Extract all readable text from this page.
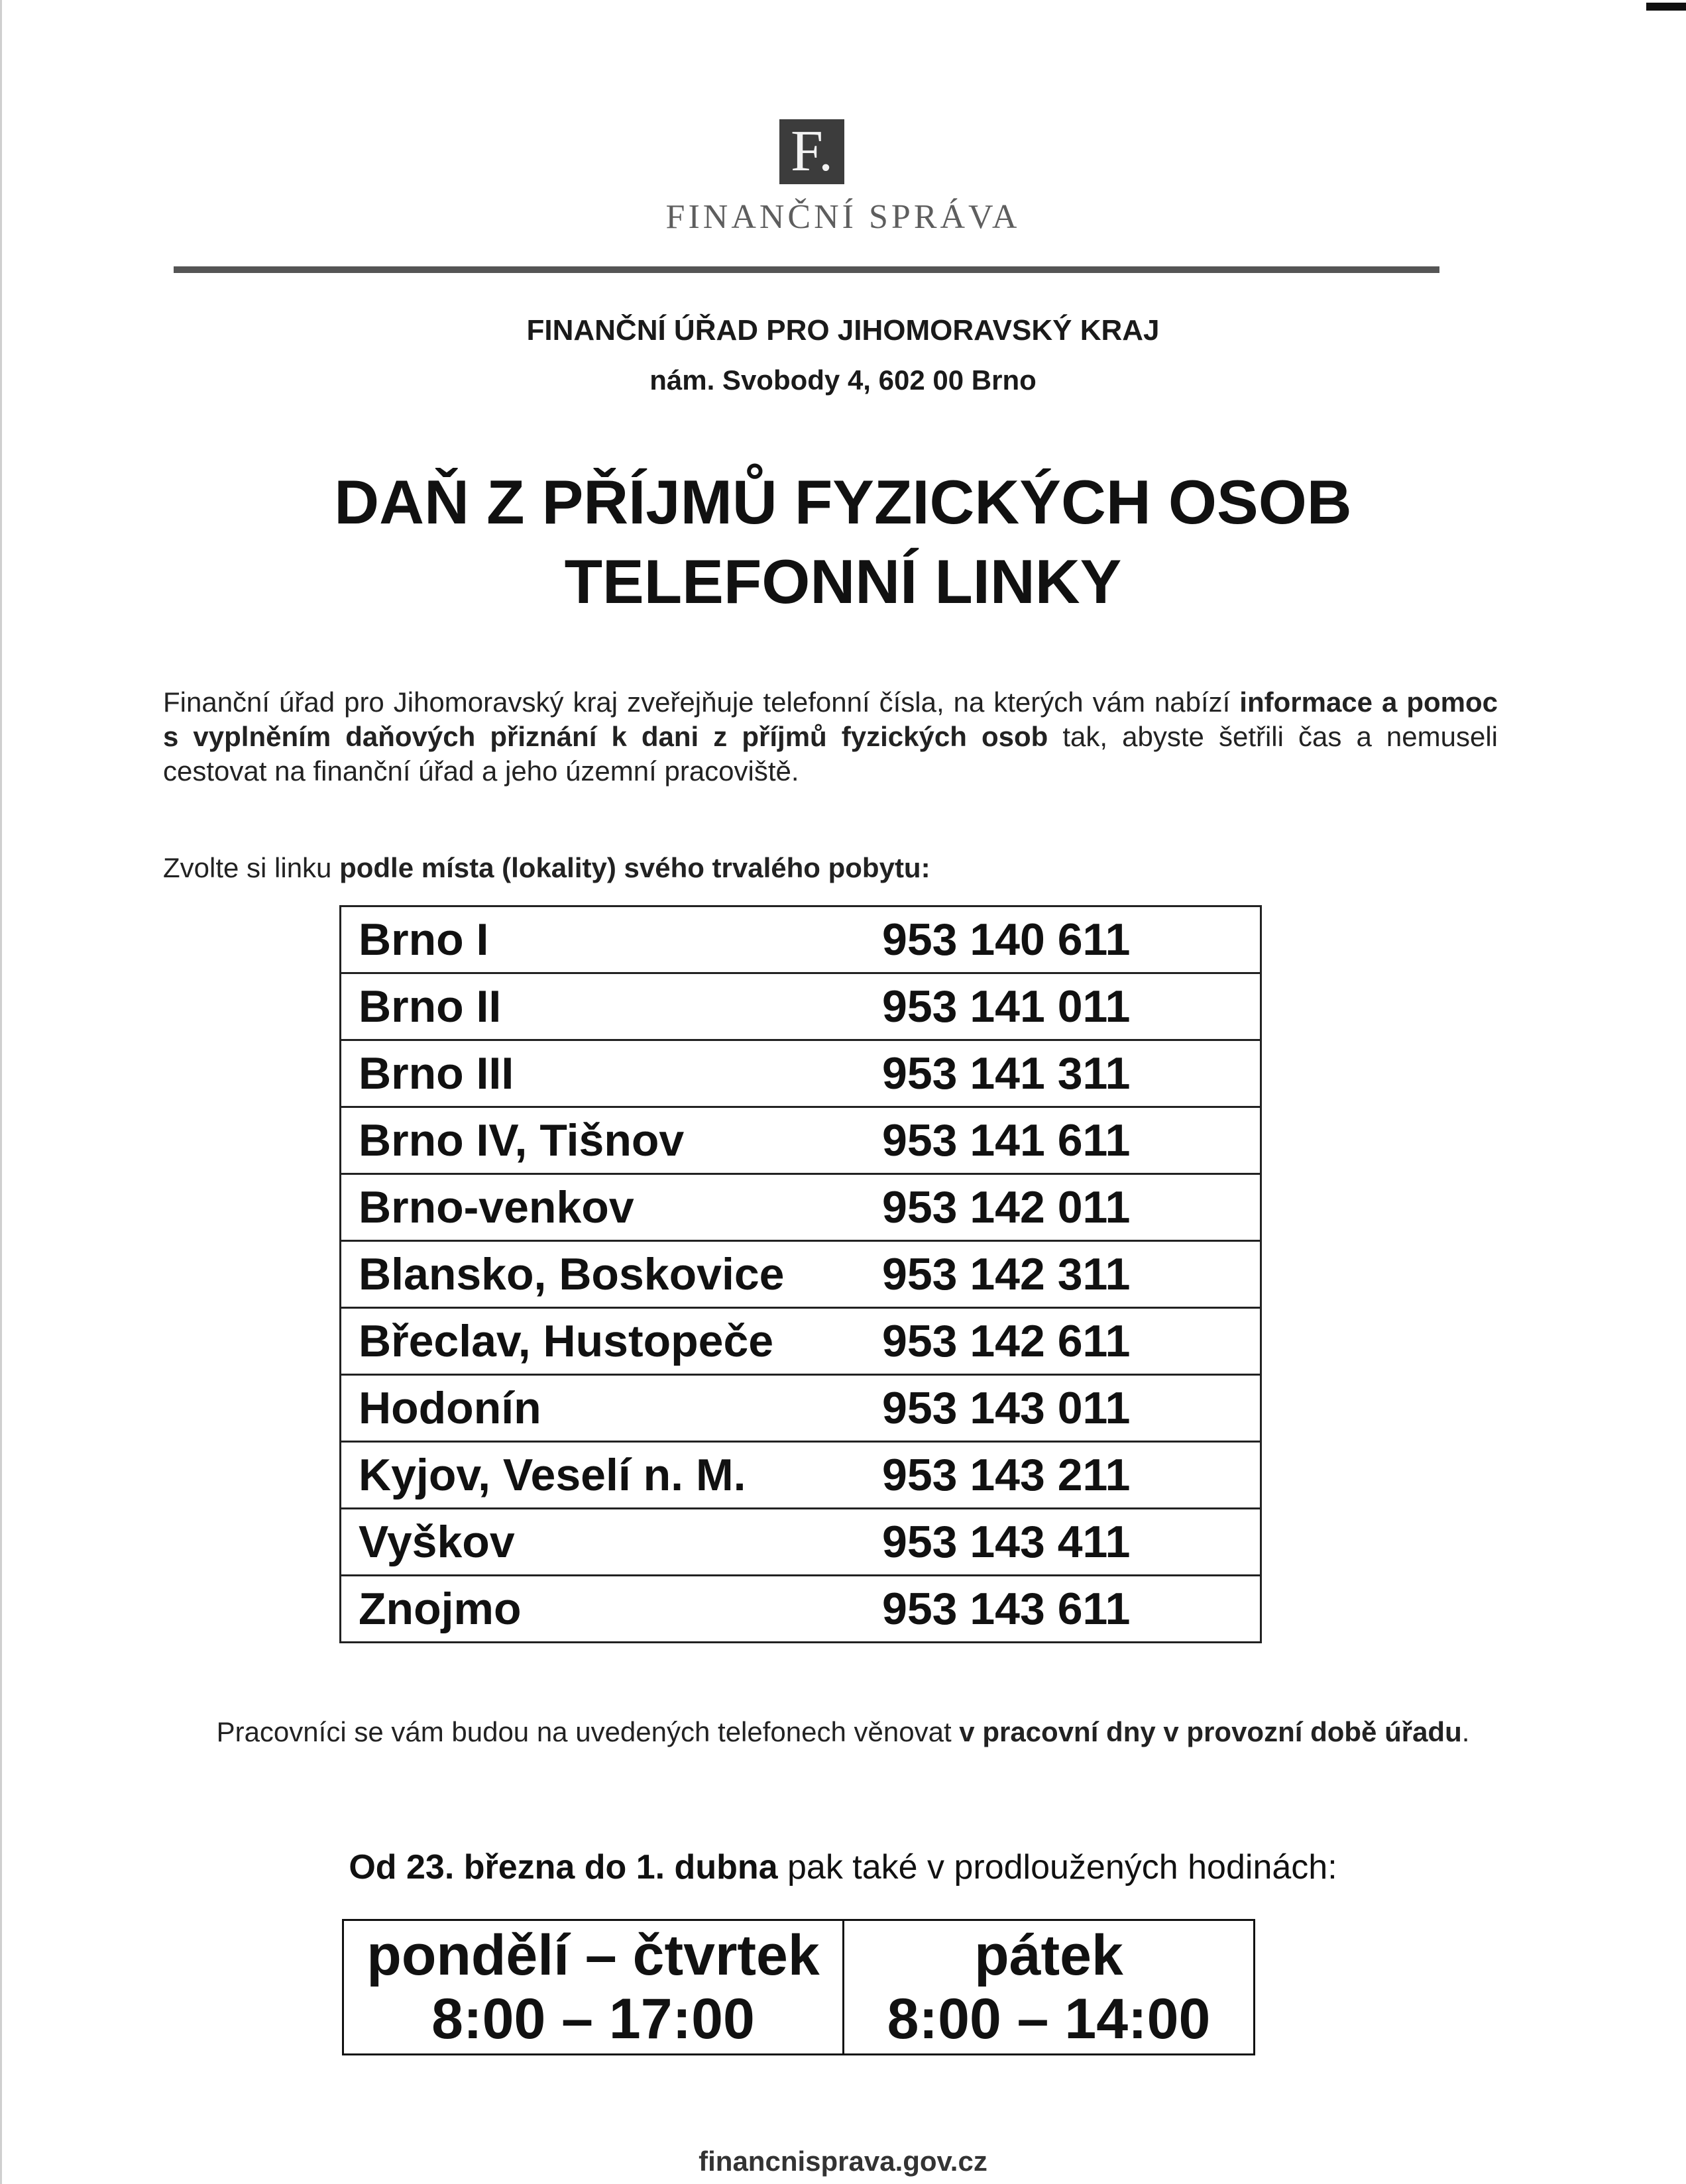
F.
FINANČNÍ SPRÁVA
FINANČNÍ ÚŘAD PRO JIHOMORAVSKÝ KRAJ
nám. Svobody 4, 602 00 Brno
DAŇ Z PŘÍJMŮ FYZICKÝCH OSOB
TELEFONNÍ LINKY

Finanční úřad pro Jihomoravský kraj zveřejňuje telefonní čísla, na kterých vám nabízí informace a pomoc s vyplněním daňových přiznání k dani z příjmů fyzických osob tak, abyste šetřili čas a nemuseli cestovat na finanční úřad a jeho územní pracoviště.

Zvolte si linku podle místa (lokality) svého trvalého pobytu:
Brno I	953 140 611
Brno II	953 141 011
Brno III	953 141 311
Brno IV, Tišnov	953 141 611
Brno-venkov	953 142 011
Blansko, Boskovice	953 142 311
Břeclav, Hustopeče	953 142 611
Hodonín	953 143 011
Kyjov, Veselí n. M.	953 143 211
Vyškov	953 143 411
Znojmo	953 143 611
Pracovníci se vám budou na uvedených telefonech věnovat v pracovní dny v provozní době úřadu.
Od 23. března do 1. dubna pak také v prodloužených hodinách:
pondělí – čtvrtek
8:00 – 17:00

pátek
8:00 – 14:00
financnisprava.gov.cz
